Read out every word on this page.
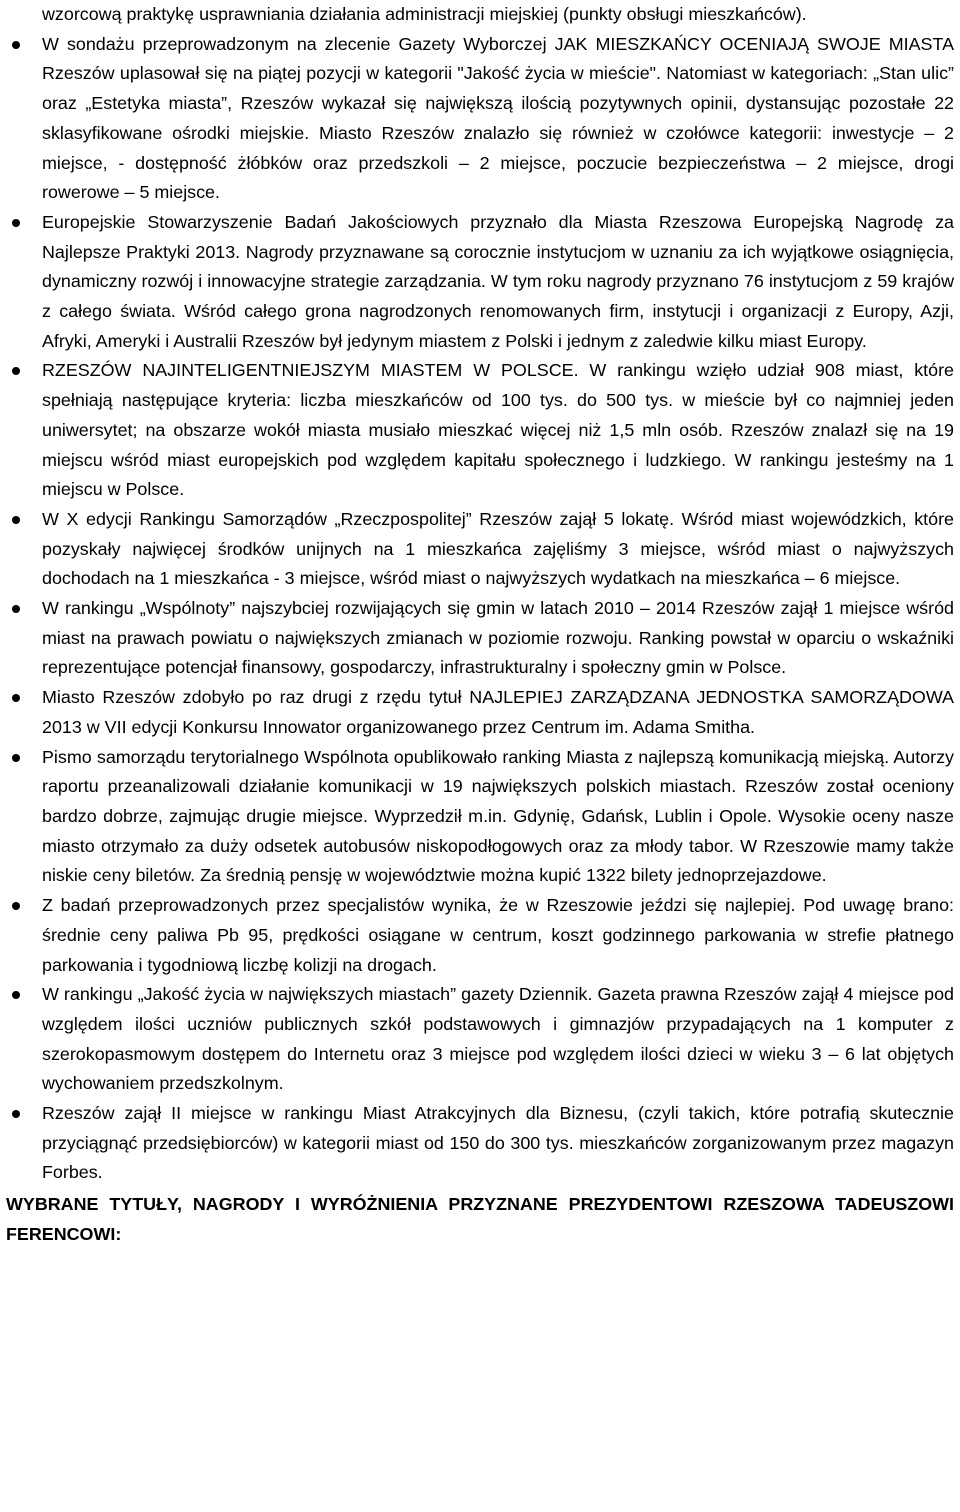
wzorcową praktykę usprawniania działania administracji miejskiej (punkty obsługi mieszkańców).
W sondażu przeprowadzonym na zlecenie Gazety Wyborczej JAK MIESZKAŃCY OCENIAJĄ SWOJE MIASTA Rzeszów uplasował się na piątej pozycji w kategorii "Jakość życia w mieście". Natomiast w kategoriach: „Stan ulic” oraz „Estetyka miasta”, Rzeszów wykazał się największą ilością pozytywnych opinii, dystansując pozostałe 22 sklasyfikowane ośrodki miejskie. Miasto Rzeszów znalazło się również w czołówce kategorii: inwestycje – 2 miejsce, - dostępność żłóbków oraz przedszkoli – 2 miejsce, poczucie bezpieczeństwa – 2 miejsce, drogi rowerowe – 5 miejsce.
Europejskie Stowarzyszenie Badań Jakościowych przyznało dla Miasta Rzeszowa Europejską Nagrodę za Najlepsze Praktyki 2013. Nagrody przyznawane są corocznie instytucjom w uznaniu za ich wyjątkowe osiągnięcia, dynamiczny rozwój i innowacyjne strategie zarządzania. W tym roku nagrody przyznano 76 instytucjom z 59 krajów z całego świata. Wśród całego grona nagrodzonych renomowanych firm, instytucji i organizacji z Europy, Azji, Afryki, Ameryki i Australii Rzeszów był jedynym miastem z Polski i jednym z zaledwie kilku miast Europy.
RZESZÓW NAJINTELIGENTNIEJSZYM MIASTEM W POLSCE. W rankingu wzięło udział 908 miast, które spełniają następujące kryteria: liczba mieszkańców od 100 tys. do 500 tys. w mieście był co najmniej jeden uniwersytet; na obszarze wokół miasta musiało mieszkać więcej niż 1,5 mln osób. Rzeszów znalazł się na 19 miejscu wśród miast europejskich pod względem kapitału społecznego i ludzkiego. W rankingu jesteśmy na 1 miejscu w Polsce.
W X edycji Rankingu Samorządów „Rzeczpospolitej” Rzeszów zajął 5 lokatę. Wśród miast wojewódzkich, które pozyskały najwięcej środków unijnych na 1 mieszkańca zajęliśmy 3 miejsce, wśród miast o najwyższych dochodach na 1 mieszkańca - 3 miejsce, wśród miast o najwyższych wydatkach na mieszkańca – 6 miejsce.
W rankingu „Wspólnoty” najszybciej rozwijających się gmin w latach 2010 – 2014 Rzeszów zajął 1 miejsce wśród miast na prawach powiatu o największych zmianach w poziomie rozwoju. Ranking powstał w oparciu o wskaźniki reprezentujące potencjał finansowy, gospodarczy, infrastrukturalny i społeczny gmin w Polsce.
Miasto Rzeszów zdobyło po raz drugi z rzędu tytuł NAJLEPIEJ ZARZĄDZANA JEDNOSTKA SAMORZĄDOWA 2013 w VII edycji Konkursu Innowator organizowanego przez Centrum im. Adama Smitha.
Pismo samorządu terytorialnego Wspólnota opublikowało ranking Miasta z najlepszą komunikacją miejską. Autorzy raportu przeanalizowali działanie komunikacji w 19 największych polskich miastach. Rzeszów został oceniony bardzo dobrze, zajmując drugie miejsce. Wyprzedził m.in. Gdynię, Gdańsk, Lublin i Opole. Wysokie oceny nasze miasto otrzymało za duży odsetek autobusów niskopodłogowych oraz za młody tabor. W Rzeszowie mamy także niskie ceny biletów. Za średnią pensję w województwie można kupić 1322 bilety jednoprzejazdowe.
Z badań przeprowadzonych przez specjalistów wynika, że w Rzeszowie jeździ się najlepiej. Pod uwagę brano: średnie ceny paliwa Pb 95, prędkości osiągane w centrum, koszt godzinnego parkowania w strefie płatnego parkowania i tygodniową liczbę kolizji na drogach.
W rankingu „Jakość życia w największych miastach” gazety Dziennik. Gazeta prawna Rzeszów zajął 4 miejsce pod względem ilości uczniów publicznych szkół podstawowych i gimnazjów przypadających na 1 komputer z szerokopasmowym dostępem do Internetu oraz 3 miejsce pod względem ilości dzieci w wieku 3 – 6 lat objętych wychowaniem przedszkolnym.
Rzeszów zajął II miejsce w rankingu Miast Atrakcyjnych dla Biznesu, (czyli takich, które potrafią skutecznie przyciągnąć przedsiębiorców) w kategorii miast od 150 do 300 tys. mieszkańców zorganizowanym przez magazyn Forbes.
WYBRANE TYTUŁY, NAGRODY I WYRÓŻNIENIA PRZYZNANE PREZYDENTOWI RZESZOWA TADEUSZOWI FERENCOWI:
